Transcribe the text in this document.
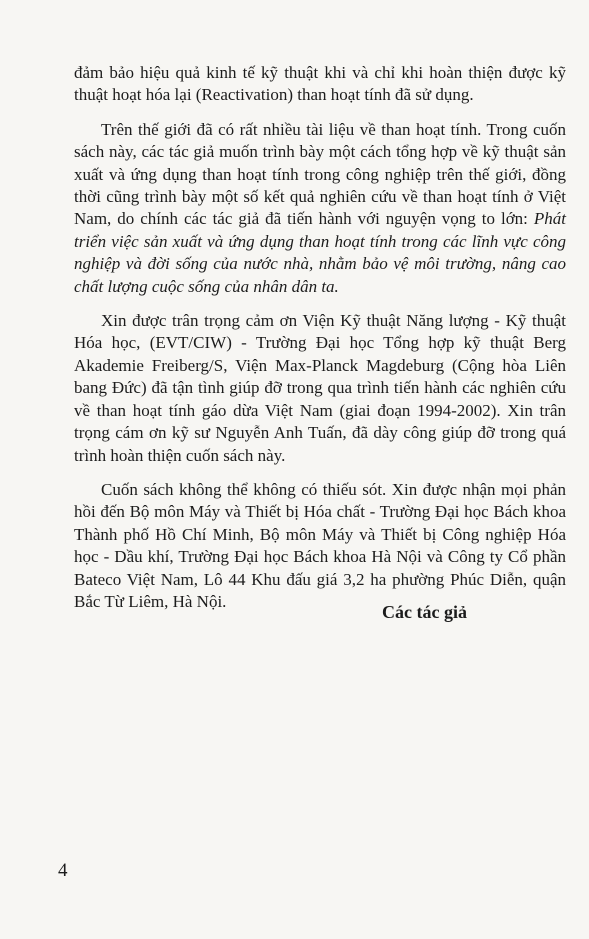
đảm bảo hiệu quả kinh tế kỹ thuật khi và chỉ khi hoàn thiện được kỹ thuật hoạt hóa lại (Reactivation) than hoạt tính đã sử dụng.

Trên thế giới đã có rất nhiều tài liệu về than hoạt tính. Trong cuốn sách này, các tác giả muốn trình bày một cách tổng hợp về kỹ thuật sản xuất và ứng dụng than hoạt tính trong công nghiệp trên thế giới, đồng thời cũng trình bày một số kết quả nghiên cứu về than hoạt tính ở Việt Nam, do chính các tác giả đã tiến hành với nguyện vọng to lớn: Phát triển việc sản xuất và ứng dụng than hoạt tính trong các lĩnh vực công nghiệp và đời sống của nước nhà, nhằm bảo vệ môi trường, nâng cao chất lượng cuộc sống của nhân dân ta.

Xin được trân trọng cảm ơn Viện Kỹ thuật Năng lượng - Kỹ thuật Hóa học, (EVT/CIW) - Trường Đại học Tổng hợp kỹ thuật Berg Akademie Freiberg/S, Viện Max-Planck Magdeburg (Cộng hòa Liên bang Đức) đã tận tình giúp đỡ trong qua trình tiến hành các nghiên cứu về than hoạt tính gáo dừa Việt Nam (giai đoạn 1994-2002). Xin trân trọng cám ơn kỹ sư Nguyễn Anh Tuấn, đã dày công giúp đỡ trong quá trình hoàn thiện cuốn sách này.

Cuốn sách không thể không có thiếu sót. Xin được nhận mọi phản hồi đến Bộ môn Máy và Thiết bị Hóa chất - Trường Đại học Bách khoa Thành phố Hồ Chí Minh, Bộ môn Máy và Thiết bị Công nghiệp Hóa học - Dầu khí, Trường Đại học Bách khoa Hà Nội và Công ty Cổ phần Bateco Việt Nam, Lô 44 Khu đấu giá 3,2 ha phường Phúc Diễn, quận Bắc Từ Liêm, Hà Nội.

Các tác giả
4
